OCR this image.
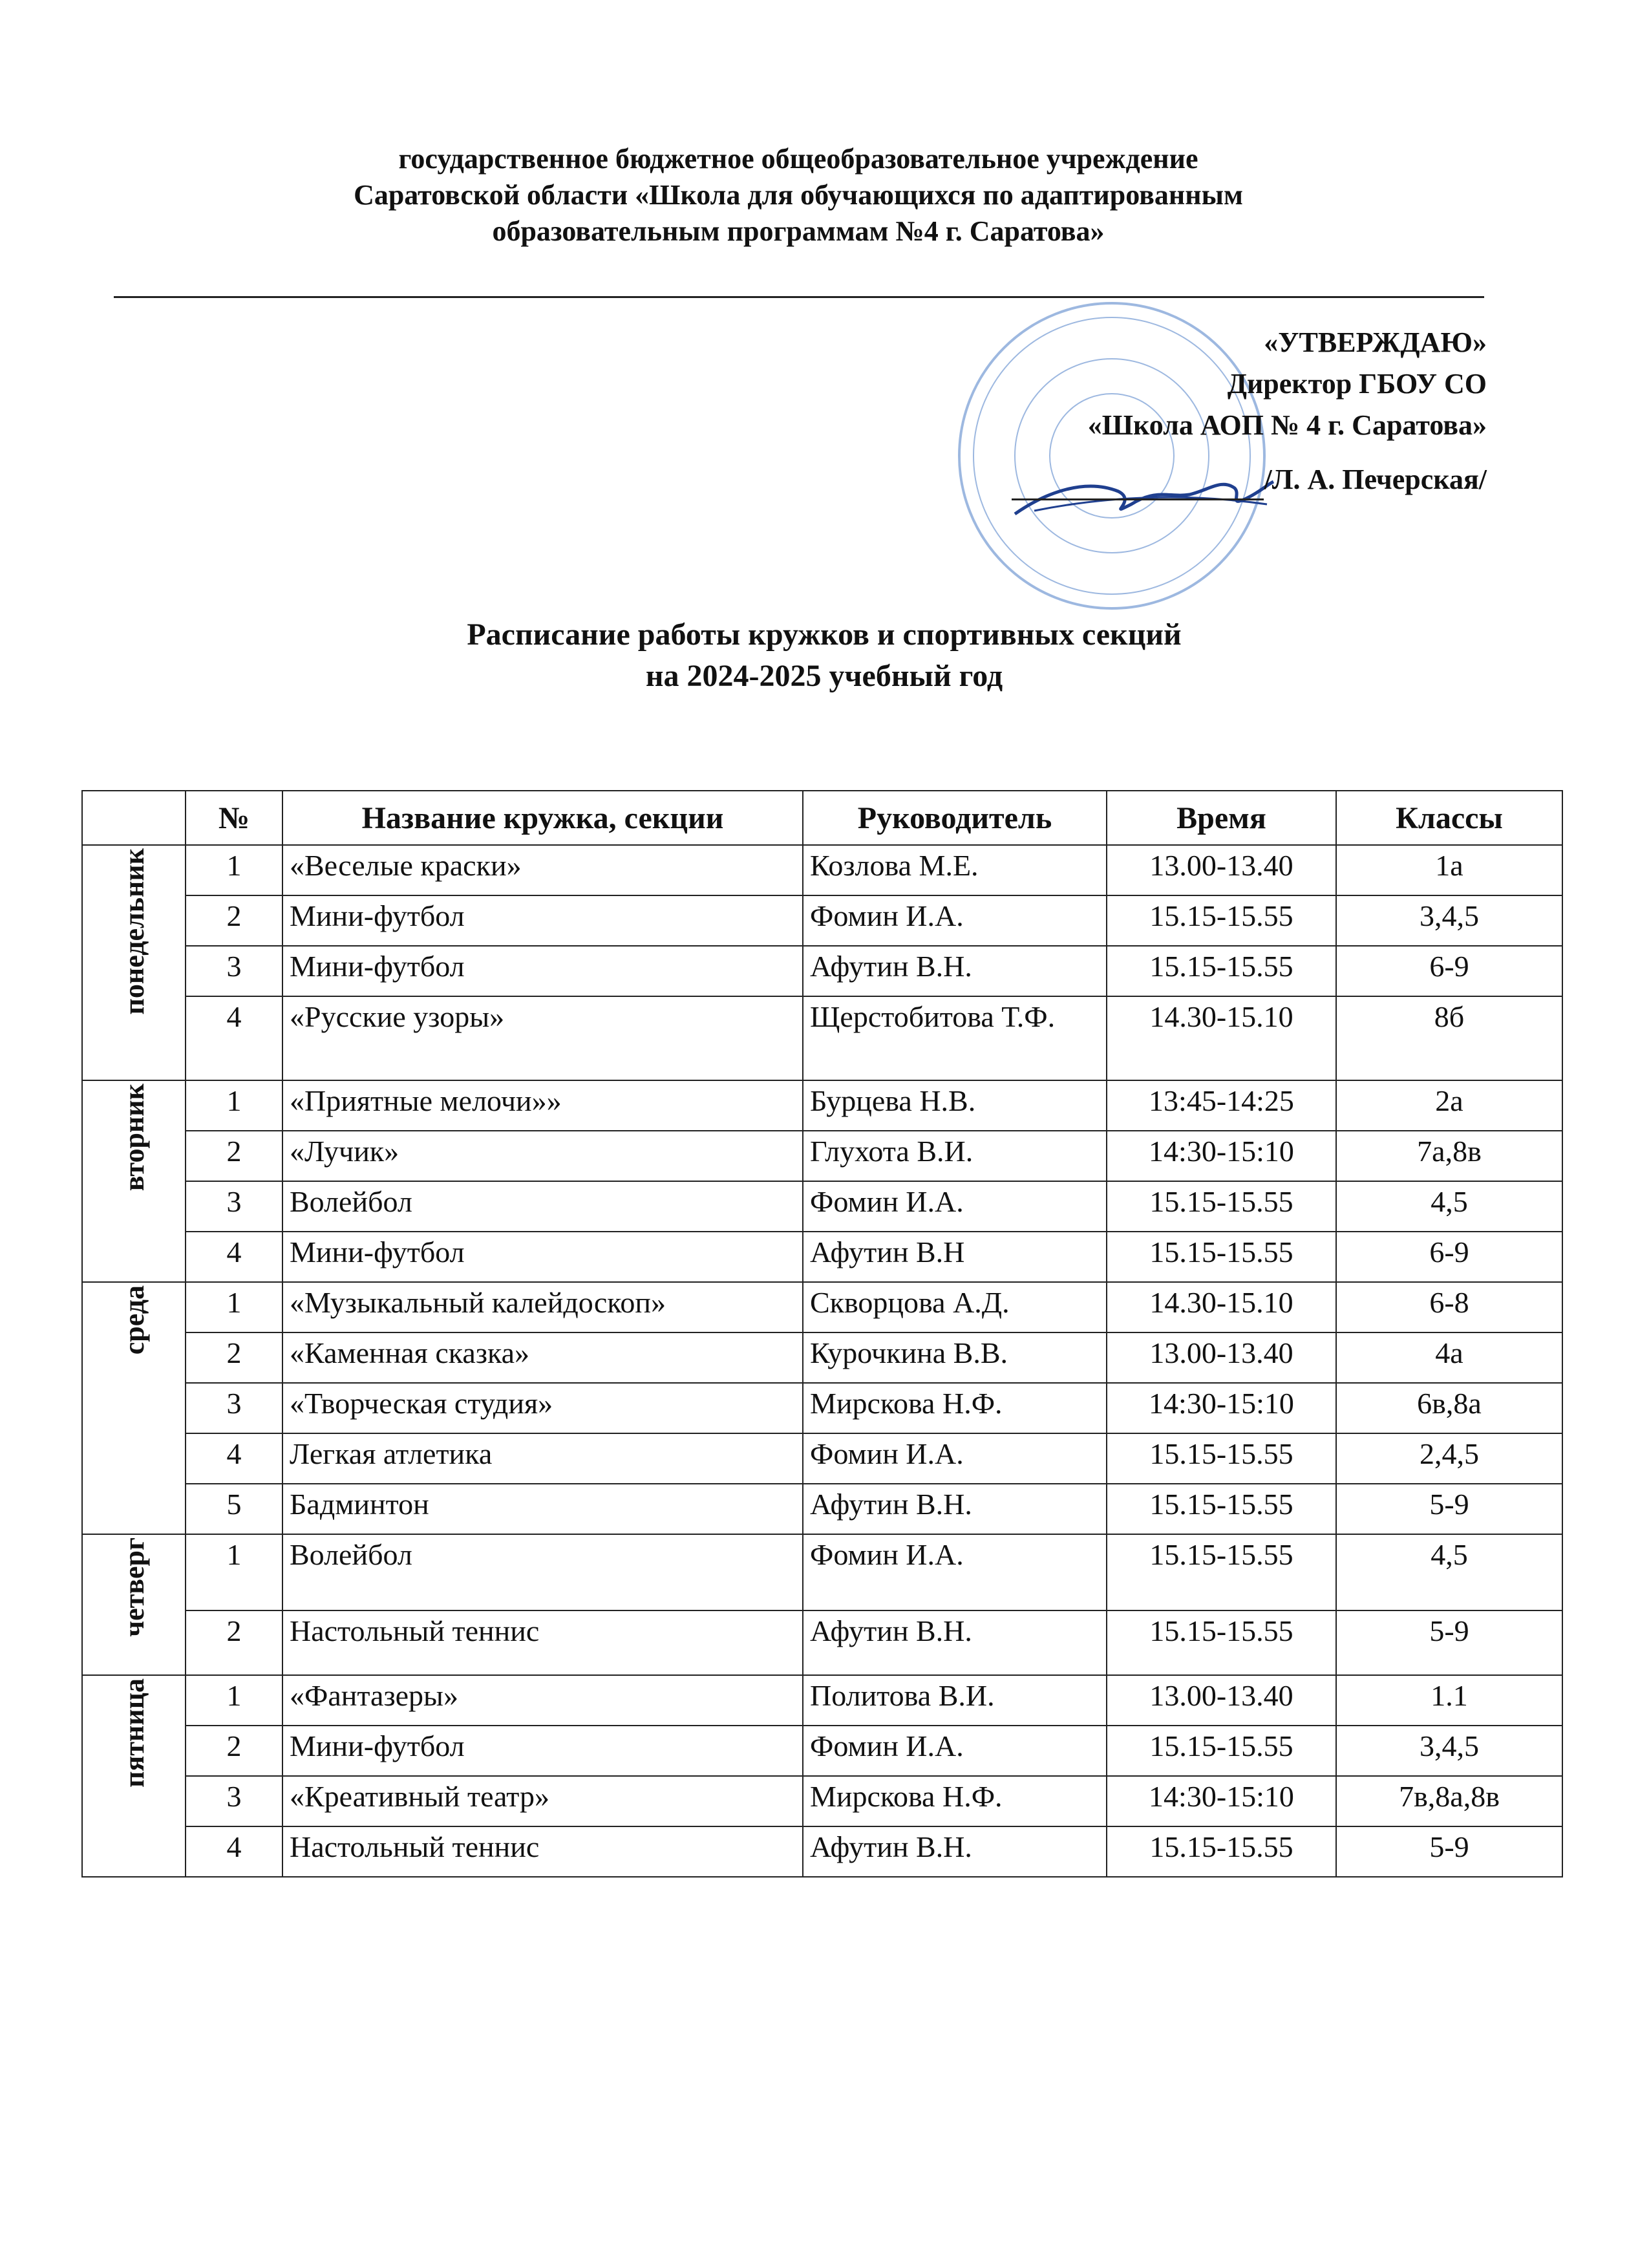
государственное бюджетное общеобразовательное учреждение
Саратовской области «Школа для обучающихся по адаптированным
образовательным программам №4 г. Саратова»
«УТВЕРЖДАЮ»
Директор ГБОУ СО
«Школа АОП № 4 г. Саратова»
/Л. А. Печерская/
Расписание работы кружков и спортивных секций
на 2024-2025 учебный год
	№	Название кружка, секции	Руководитель	Время	Классы
понедельник	1	«Веселые краски»	Козлова М.Е.	13.00-13.40	1а
	2	Мини-футбол	Фомин И.А.	15.15-15.55	3,4,5
	3	Мини-футбол	Афутин В.Н.	15.15-15.55	6-9
	4	«Русские узоры»	Щерстобитова Т.Ф.	14.30-15.10	8б
вторник	1	«Приятные мелочи»»	Бурцева Н.В.	13:45-14:25	2а
	2	«Лучик»	Глухота В.И.	14:30-15:10	7а,8в
	3	Волейбол	Фомин И.А.	15.15-15.55	4,5
	4	Мини-футбол	Афутин В.Н	15.15-15.55	6-9
среда	1	«Музыкальный калейдоскоп»	Скворцова А.Д.	14.30-15.10	6-8
	2	«Каменная сказка»	Курочкина В.В.	13.00-13.40	4а
	3	«Творческая студия»	Мирскова Н.Ф.	14:30-15:10	6в,8а
	4	Легкая атлетика	Фомин И.А.	15.15-15.55	2,4,5
	5	Бадминтон	Афутин В.Н.	15.15-15.55	5-9
четверг	1	Волейбол	Фомин И.А.	15.15-15.55	4,5
	2	Настольный теннис	Афутин В.Н.	15.15-15.55	5-9
пятница	1	«Фантазеры»	Политова В.И.	13.00-13.40	1.1
	2	Мини-футбол	Фомин И.А.	15.15-15.55	3,4,5
	3	«Креативный театр»	Мирскова Н.Ф.	14:30-15:10	7в,8а,8в
	4	Настольный теннис	Афутин В.Н.	15.15-15.55	5-9
